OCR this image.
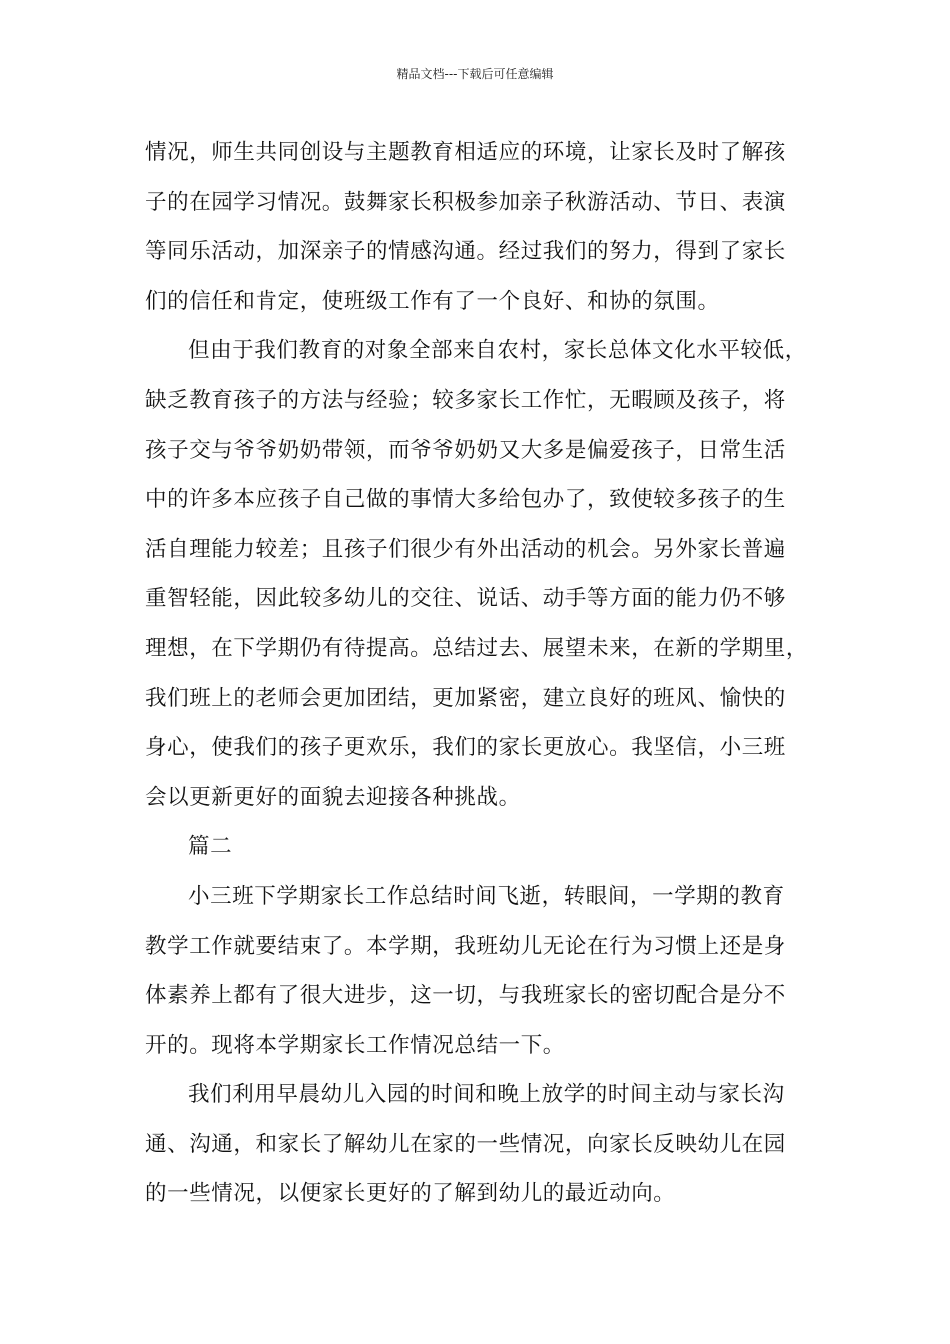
精品文档---下载后可任意编辑
情况，师生共同创设与主题教育相适应的环境，让家长及时了解孩
子的在园学习情况。鼓舞家长积极参加亲子秋游活动、节日、表演
等同乐活动，加深亲子的情感沟通。经过我们的努力，得到了家长
们的信任和肯定，使班级工作有了一个良好、和协的氛围。
但由于我们教育的对象全部来自农村，家长总体文化水平较低，
缺乏教育孩子的方法与经验；较多家长工作忙，无暇顾及孩子，将
孩子交与爷爷奶奶带领，而爷爷奶奶又大多是偏爱孩子，日常生活
中的许多本应孩子自己做的事情大多给包办了，致使较多孩子的生
活自理能力较差；且孩子们很少有外出活动的机会。另外家长普遍
重智轻能，因此较多幼儿的交往、说话、动手等方面的能力仍不够
理想，在下学期仍有待提高。总结过去、展望未来，在新的学期里，
我们班上的老师会更加团结，更加紧密，建立良好的班风、愉快的
身心，使我们的孩子更欢乐，我们的家长更放心。我坚信，小三班
会以更新更好的面貌去迎接各种挑战。
篇二
小三班下学期家长工作总结时间飞逝，转眼间，一学期的教育
教学工作就要结束了。本学期，我班幼儿无论在行为习惯上还是身
体素养上都有了很大进步，这一切，与我班家长的密切配合是分不
开的。现将本学期家长工作情况总结一下。
我们利用早晨幼儿入园的时间和晚上放学的时间主动与家长沟
通、沟通，和家长了解幼儿在家的一些情况，向家长反映幼儿在园
的一些情况，以便家长更好的了解到幼儿的最近动向。
